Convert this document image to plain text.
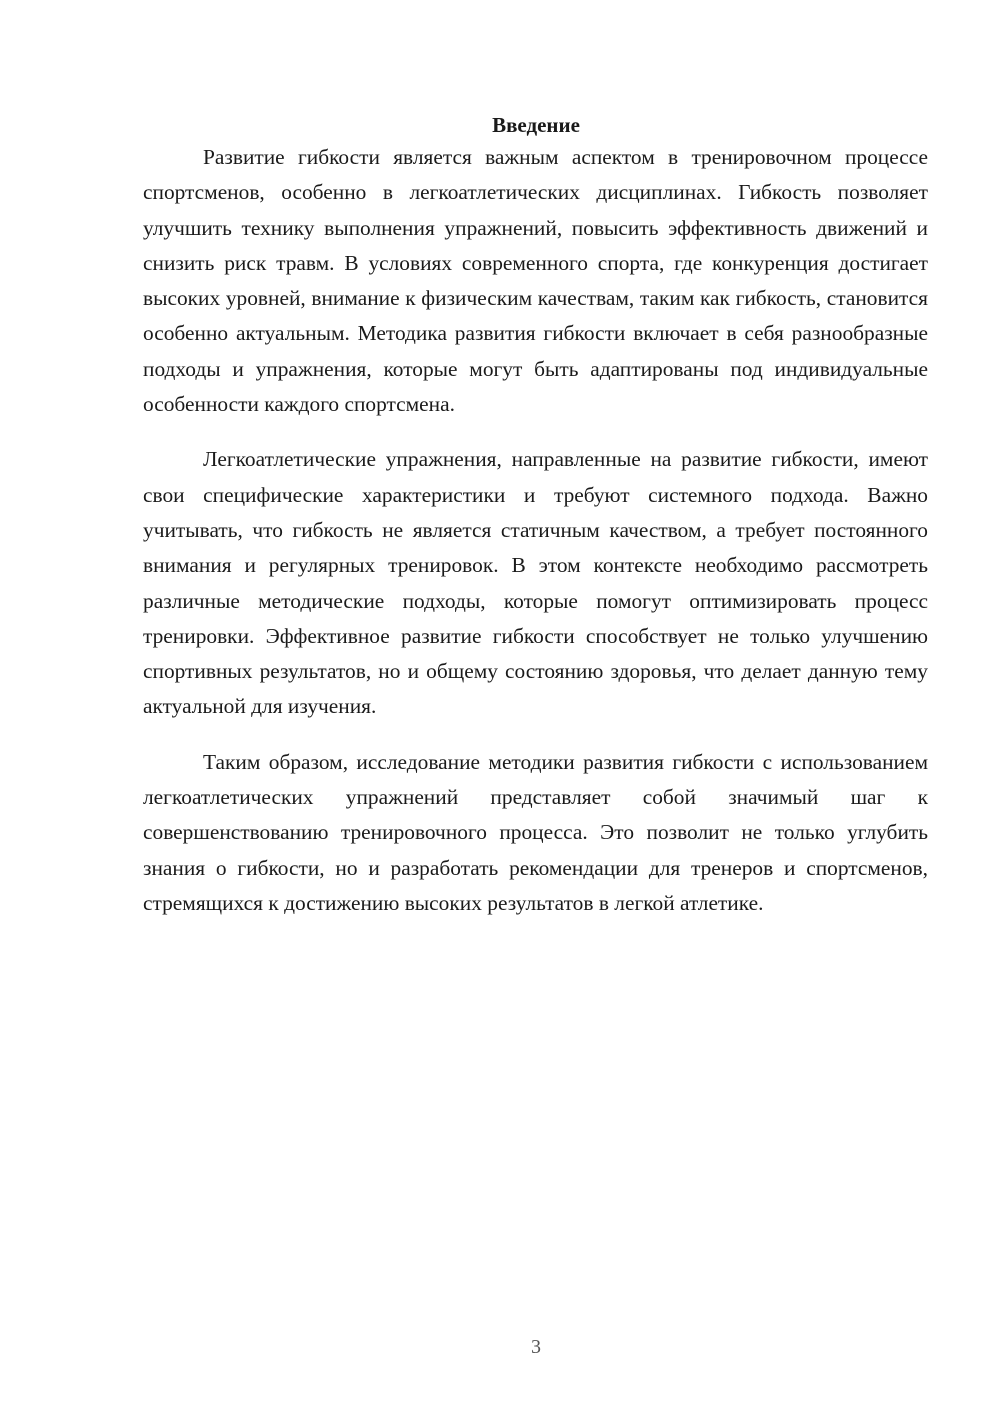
Введение

Развитие гибкости является важным аспектом в тренировочном процессе спортсменов, особенно в легкоатлетических дисциплинах. Гибкость позволяет улучшить технику выполнения упражнений, повысить эффективность движений и снизить риск травм. В условиях современного спорта, где конкуренция достигает высоких уровней, внимание к физическим качествам, таким как гибкость, становится особенно актуальным. Методика развития гибкости включает в себя разнообразные подходы и упражнения, которые могут быть адаптированы под индивидуальные особенности каждого спортсмена.

Легкоатлетические упражнения, направленные на развитие гибкости, имеют свои специфические характеристики и требуют системного подхода. Важно учитывать, что гибкость не является статичным качеством, а требует постоянного внимания и регулярных тренировок. В этом контексте необходимо рассмотреть различные методические подходы, которые помогут оптимизировать процесс тренировки. Эффективное развитие гибкости способствует не только улучшению спортивных результатов, но и общему состоянию здоровья, что делает данную тему актуальной для изучения.

Таким образом, исследование методики развития гибкости с использованием легкоатлетических упражнений представляет собой значимый шаг к совершенствованию тренировочного процесса. Это позволит не только углубить знания о гибкости, но и разработать рекомендации для тренеров и спортсменов, стремящихся к достижению высоких результатов в легкой атлетике.

3
